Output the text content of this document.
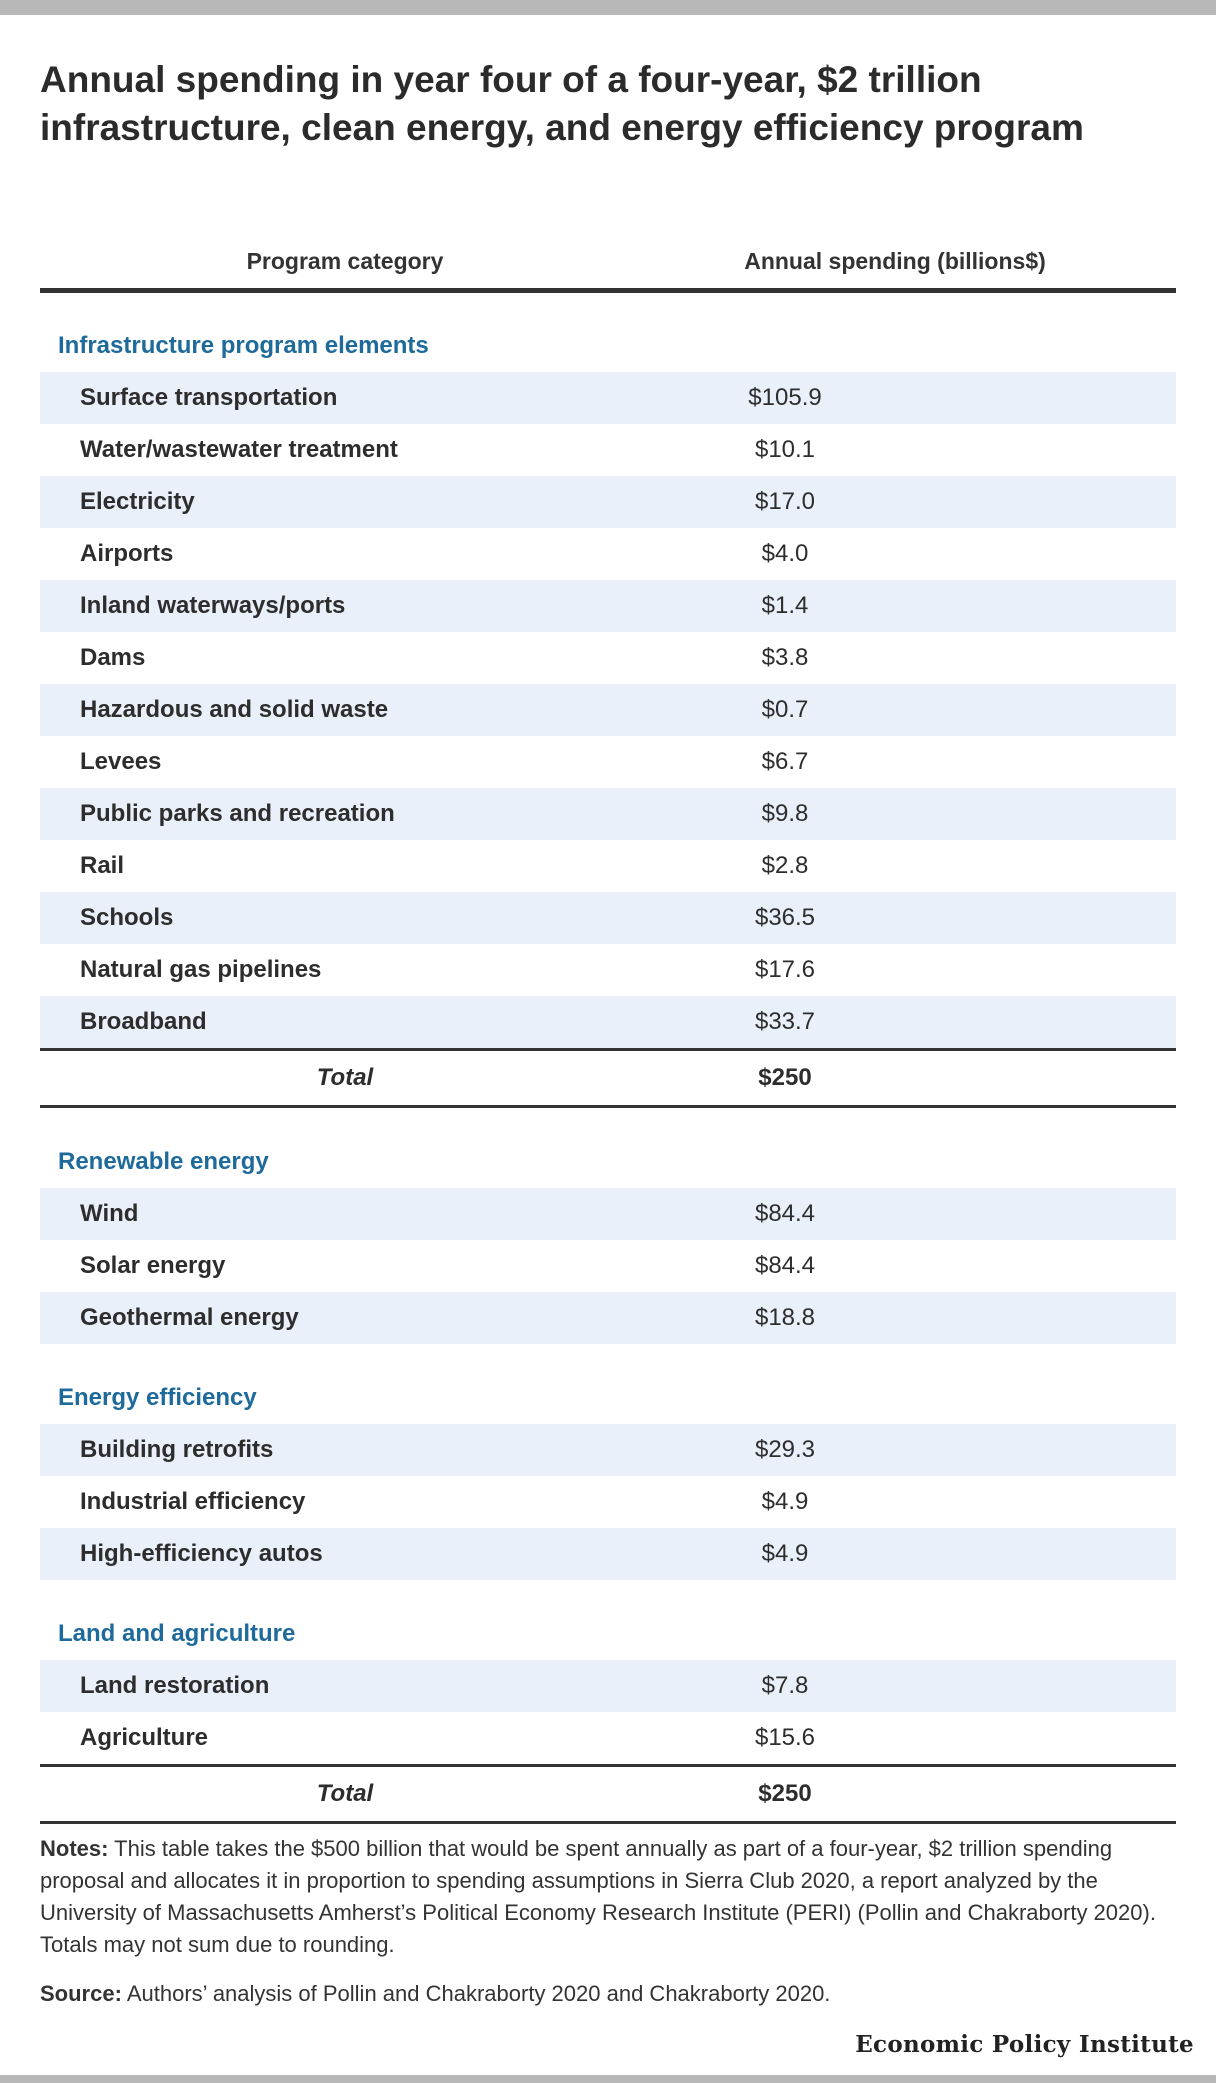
Annual spending in year four of a four-year, $2 trillion infrastructure, clean energy, and energy efficiency program
Program category	Annual spending (billions$)
Infrastructure program elements
Surface transportation	$105.9
Water/wastewater treatment	$10.1
Electricity	$17.0
Airports	$4.0
Inland waterways/ports	$1.4
Dams	$3.8
Hazardous and solid waste	$0.7
Levees	$6.7
Public parks and recreation	$9.8
Rail	$2.8
Schools	$36.5
Natural gas pipelines	$17.6
Broadband	$33.7
Total	$250
Renewable energy
Wind	$84.4
Solar energy	$84.4
Geothermal energy	$18.8
Energy efficiency
Building retrofits	$29.3
Industrial efficiency	$4.9
High-efficiency autos	$4.9
Land and agriculture
Land restoration	$7.8
Agriculture	$15.6
Total	$250
Notes: This table takes the $500 billion that would be spent annually as part of a four-year, $2 trillion spending proposal and allocates it in proportion to spending assumptions in Sierra Club 2020, a report analyzed by the University of Massachusetts Amherst’s Political Economy Research Institute (PERI) (Pollin and Chakraborty 2020). Totals may not sum due to rounding.
Source: Authors’ analysis of Pollin and Chakraborty 2020 and Chakraborty 2020.
Economic Policy Institute
